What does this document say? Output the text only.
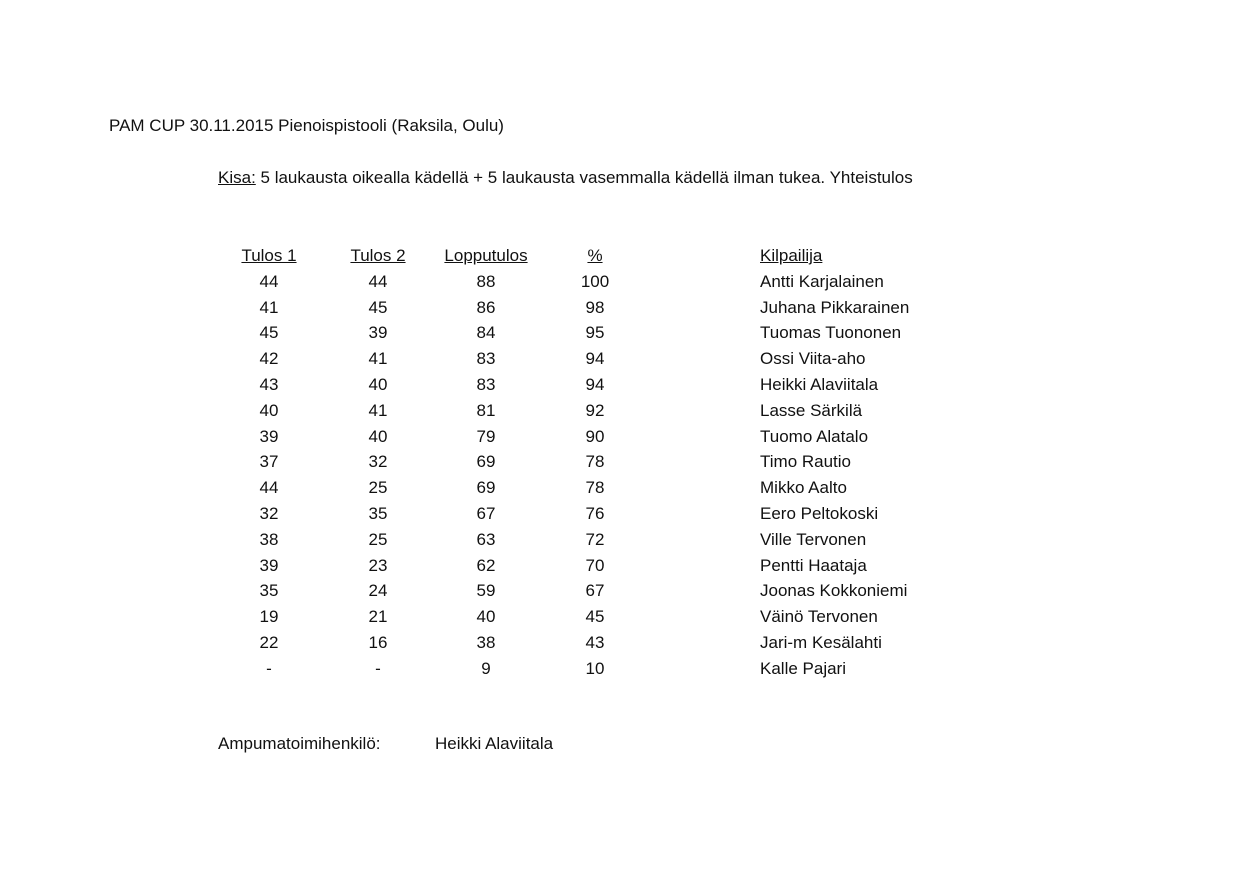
PAM CUP 30.11.2015 Pienoispistooli (Raksila, Oulu)
Kisa: 5 laukausta oikealla kädellä + 5 laukausta vasemmalla kädellä ilman tukea. Yhteistulos
Tulos 1	Tulos 2	Lopputulos	%	Kilpailija
44	44	88	100	Antti Karjalainen
41	45	86	98	Juhana Pikkarainen
45	39	84	95	Tuomas Tuononen
42	41	83	94	Ossi Viita-aho
43	40	83	94	Heikki Alaviitala
40	41	81	92	Lasse Särkilä
39	40	79	90	Tuomo Alatalo
37	32	69	78	Timo Rautio
44	25	69	78	Mikko Aalto
32	35	67	76	Eero Peltokoski
38	25	63	72	Ville Tervonen
39	23	62	70	Pentti Haataja
35	24	59	67	Joonas Kokkoniemi
19	21	40	45	Väinö Tervonen
22	16	38	43	Jari-m Kesälahti
-	-	9	10	Kalle Pajari
Ampumatoimihenkilö:	Heikki Alaviitala
